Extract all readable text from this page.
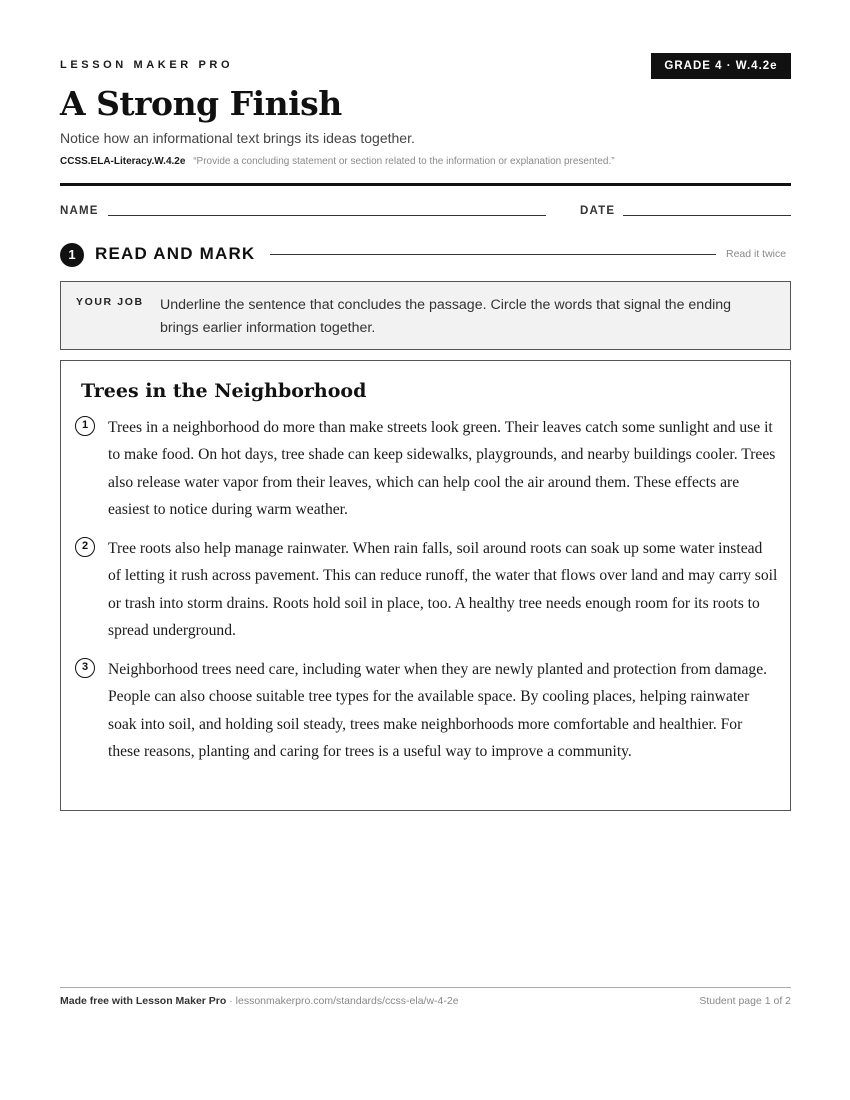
LESSON MAKER PRO	GRADE 4 · W.4.2e
A Strong Finish
Notice how an informational text brings its ideas together.
CCSS.ELA-Literacy.W.4.2e “Provide a concluding statement or section related to the information or explanation presented.”
NAME	DATE
1	READ AND MARK	Read it twice
YOUR JOB Underline the sentence that concludes the passage. Circle the words that signal the ending brings earlier information together.
Trees in the Neighborhood
1	Trees in a neighborhood do more than make streets look green. Their leaves catch some sunlight and use it to make food. On hot days, tree shade can keep sidewalks, playgrounds, and nearby buildings cooler. Trees also release water vapor from their leaves, which can help cool the air around them. These effects are easiest to notice during warm weather.

2	Tree roots also help manage rainwater. When rain falls, soil around roots can soak up some water instead of letting it rush across pavement. This can reduce runoff, the water that flows over land and may carry soil or trash into storm drains. Roots hold soil in place, too. A healthy tree needs enough room for its roots to spread underground.

3	Neighborhood trees need care, including water when they are newly planted and protection from damage. People can also choose suitable tree types for the available space. By cooling places, helping rainwater soak into soil, and holding soil steady, trees make neighborhoods more comfortable and healthier. For these reasons, planting and caring for trees is a useful way to improve a community.

Made free with Lesson Maker Pro · lessonmakerpro.com/standards/ccss-ela/w-4-2e	Student page 1 of 2
